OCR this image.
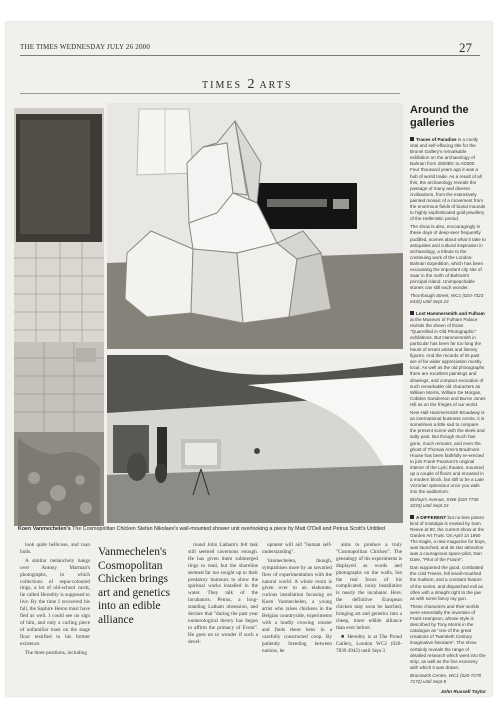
THE TIMES WEDNESDAY JULY 26 2000	27
TIMES 2 ARTS
Koen Vanmechelen's The Cosmopolitan Chicken Stefan Nikolaev's wall-mounted shower unit overlooking a piece by Matt O'Dell and Petrus Scott's Untitled

look quite bellicose, and roan bulls.

A similar melancholy hangs over Antony Marman's photographs, in which collections of sepia-coloured rings, a lot of old-school cards, lie called Heredity is supposed to live. By the time I recovered his fall, the Saphire Heron must have fled as well. I could see no sign of him, and only a curling piece of unfamiliar toast on the stage floor testified to his former existence.

The three positions, including

Vanmechelen's Cosmopolitan Chicken brings art and genetics into an edible alliance

round John Latham's felt task still seemed cavernous enough. He has given them submerged rings to read, but the shoreline seemed far too sought up to their predatory humours to show the spiritual works installed in the water. They talk of the incubators. Petrus, a long-standing Latham obsession, and declare that "during the past year numerological theory has begun to affirm the primacy of Event". He goes on to wonder if such a devel-

opment will aid "human self-understanding".

Vanmechelen, though, sympathises more by an unvaried flow of experimentation with the natural world. A whole room is given over to an elaborate, curious installation focusing on Koen Vanmechelen, a young artist who raises chickens in the Belgian countryside, experiments with a loudly crowing rooster and finds these hens in a carefully constructed coop. By patiently breeding between nations, he

aims to produce a truly "Cosmopolitan Chicken". The genealogy of his experiments is displayed as words and photographs on the walls, but the real focus of his complicated, noisy installation is nearly the incubator. Here, the definitive European chicken may soon be hatched, bringing art and genetics into a cheep, more edible alliance than ever before.

■ Heredity is at The Proud Gallery, London WC2 (020-7839 4942) until Sept 3

Around the galleries

Traces of Paradise is a coolly vital and self-effacing title for the Brunei Gallery's remarkable exhibition on the archaeology of Bahrain from 2500BC to AD300. Four thousand years ago it was a hub of world trade. As a result of all this, the archaeology reveals the passage of many and diverse civilisations, from the extensively painted mosaic of a movement from the enormous fields of burial mounds to highly sophisticated gold jewellery of the Hellenistic period.

The show is also, encouragingly in these days of deep-seer frequently puddled, scenes about what it take to antiquities and cultural inspiration in archaeology, a tribute to the continuing work of the London-Bahrain Expedition, which has been excavating the important city site of Saar in the north of Bahrain's principal island. Unimpeachable stones can still each wonder.

Thornhaugh Street, WC1 (020-7323 6432) until Sept 23

Lost Hammersmith and Fulham at the Museum of Fulham Palace revisits the sheen of those "Quarrelled in Old Photographic" exhibitions. But Hammersmith in particular has been far too long the haunt of errant artists and literary figures. And the records of its past are of far wider appreciation mostly local. As well as the old photographs there are excellent paintings and drawings, and compact evocation of such remarkable old characters as William Morris, William De Morgan, Cobden Sanderson and Burne Jones Hill as on the fringes of our world.

New Hall Hammersmith Broadway is an international business centre, it is sometimes a little sad to compare the present scene with the sleek and salty past. But though much has gone, much remains, and even the ghost of Thomas Arne's Bradmore House has been faithfully re-erected to join Frank Pearsom's original interior of the Lyric theatre, mounted up a couple of floors and encased in a modern block, but still to be a Late Victorian splendour once you walk into the auditorium.

Bishop's Avenue, SW6 (020-7736 3233) until Sept 24

A DIFFERENT but no less potent kind of nostalgia is evoked by Sam Reeve at 90, the current show at the Garden Art Trust. On April 14 1950 The Eagle, a new magazine for boys, was launched, and its star attraction was a courageous space-pilot, Dan Dare, "Pilot of the Future".

Dan supported the good, combatted the cold Treens, fell small-mouthed the malison, and a constant feature of the series, and dispatched evil as often with a straight right to the jaw as with some fancy ray gun.

These characters and their worlds were essentially the invention of Frank Hampson, whose style is described by Tony Morris in the catalogue as "one of the great creations of Twentieth Century imaginative literature". The show certainly reveals the range of detailed research which went into the strip, as well as the fine economy with which it was drawn.

Brunswick Centre, WC1 (020-7278 7172) until Sept 8

John Russell Taylor
